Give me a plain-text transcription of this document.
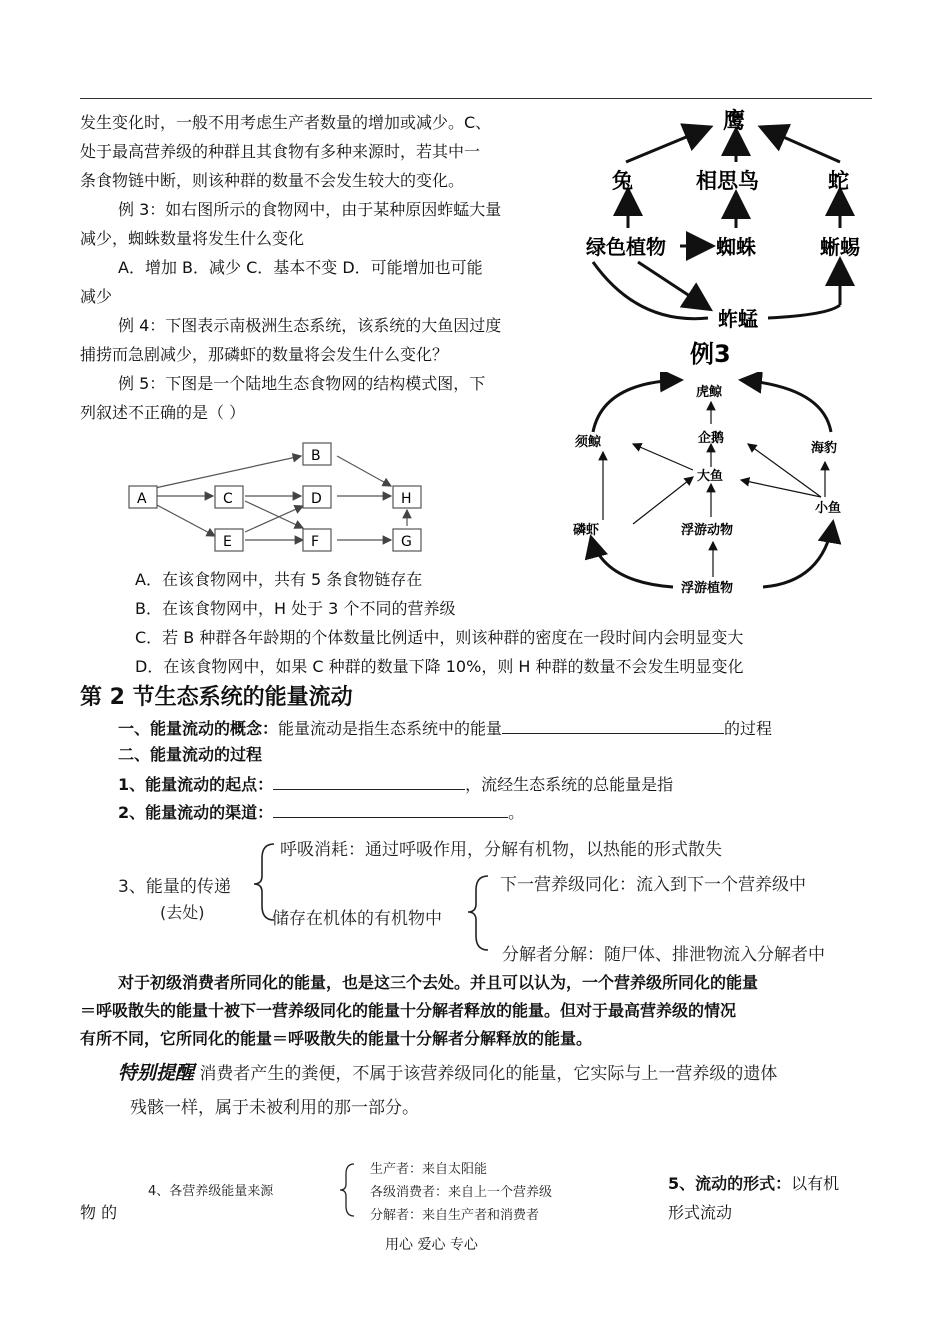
发生变化时，一般不用考虑生产者数量的增加或减少。C、
处于最高营养级的种群且其食物有多种来源时，若其中一
条食物链中断，则该种群的数量不会发生较大的变化。
例 3：如右图所示的食物网中，由于某种原因蚱蜢大量
减少，蜘蛛数量将发生什么变化
A．增加 B．减少 C．基本不变 D．可能增加也可能
减少
例 4：下图表示南极洲生态系统，该系统的大鱼因过度
捕捞而急剧减少，那磷虾的数量将会发生什么变化？
例 5：下图是一个陆地生态食物网的结构模式图，下
列叙述不正确的是（ ）
鹰
兔	相思鸟	蛇
绿色植物	蜘蛛	蜥蜴
蚱蜢
例3
虎鲸
须鲸	企鹅
海豹
大鱼
磷虾	浮游动物
小鱼
浮游植物
A
B
C	D
E	F	G
H
A．在该食物网中，共有 5 条食物链存在
B．在该食物网中，H 处于 3 个不同的营养级
C．若 B 种群各年龄期的个体数量比例适中，则该种群的密度在一段时间内会明显变大
D．在该食物网中，如果 C 种群的数量下降 10%，则 H 种群的数量不会发生明显变化
第 2 节生态系统的能量流动
一、能量流动的概念：能量流动是指生态系统中的能量	的过程
二、能量流动的过程
1、能量流动的起点：	，流经生态系统的总能量是指
2、能量流动的渠道：	。
3、能量的传递
(去处)
呼吸消耗：通过呼吸作用，分解有机物，以热能的形式散失
储存在机体的有机物中
下一营养级同化：流入到下一个营养级中
分解者分解：随尸体、排泄物流入分解者中
对于初级消费者所同化的能量，也是这三个去处。并且可以认为，一个营养级所同化的能量
＝呼吸散失的能量十被下一营养级同化的能量十分解者释放的能量。但对于最高营养级的情况
有所不同，它所同化的能量＝呼吸散失的能量十分解者分解释放的能量。
特别提醒 消费者产生的粪便，不属于该营养级同化的能量，它实际与上一营养级的遗体
残骸一样，属于未被利用的那一部分。
4、各营养级能量来源
生产者：来自太阳能
各级消费者：来自上一个营养级
分解者：来自生产者和消费者
5、流动的形式：以有机
形式流动
物 的
用心 爱心 专心
